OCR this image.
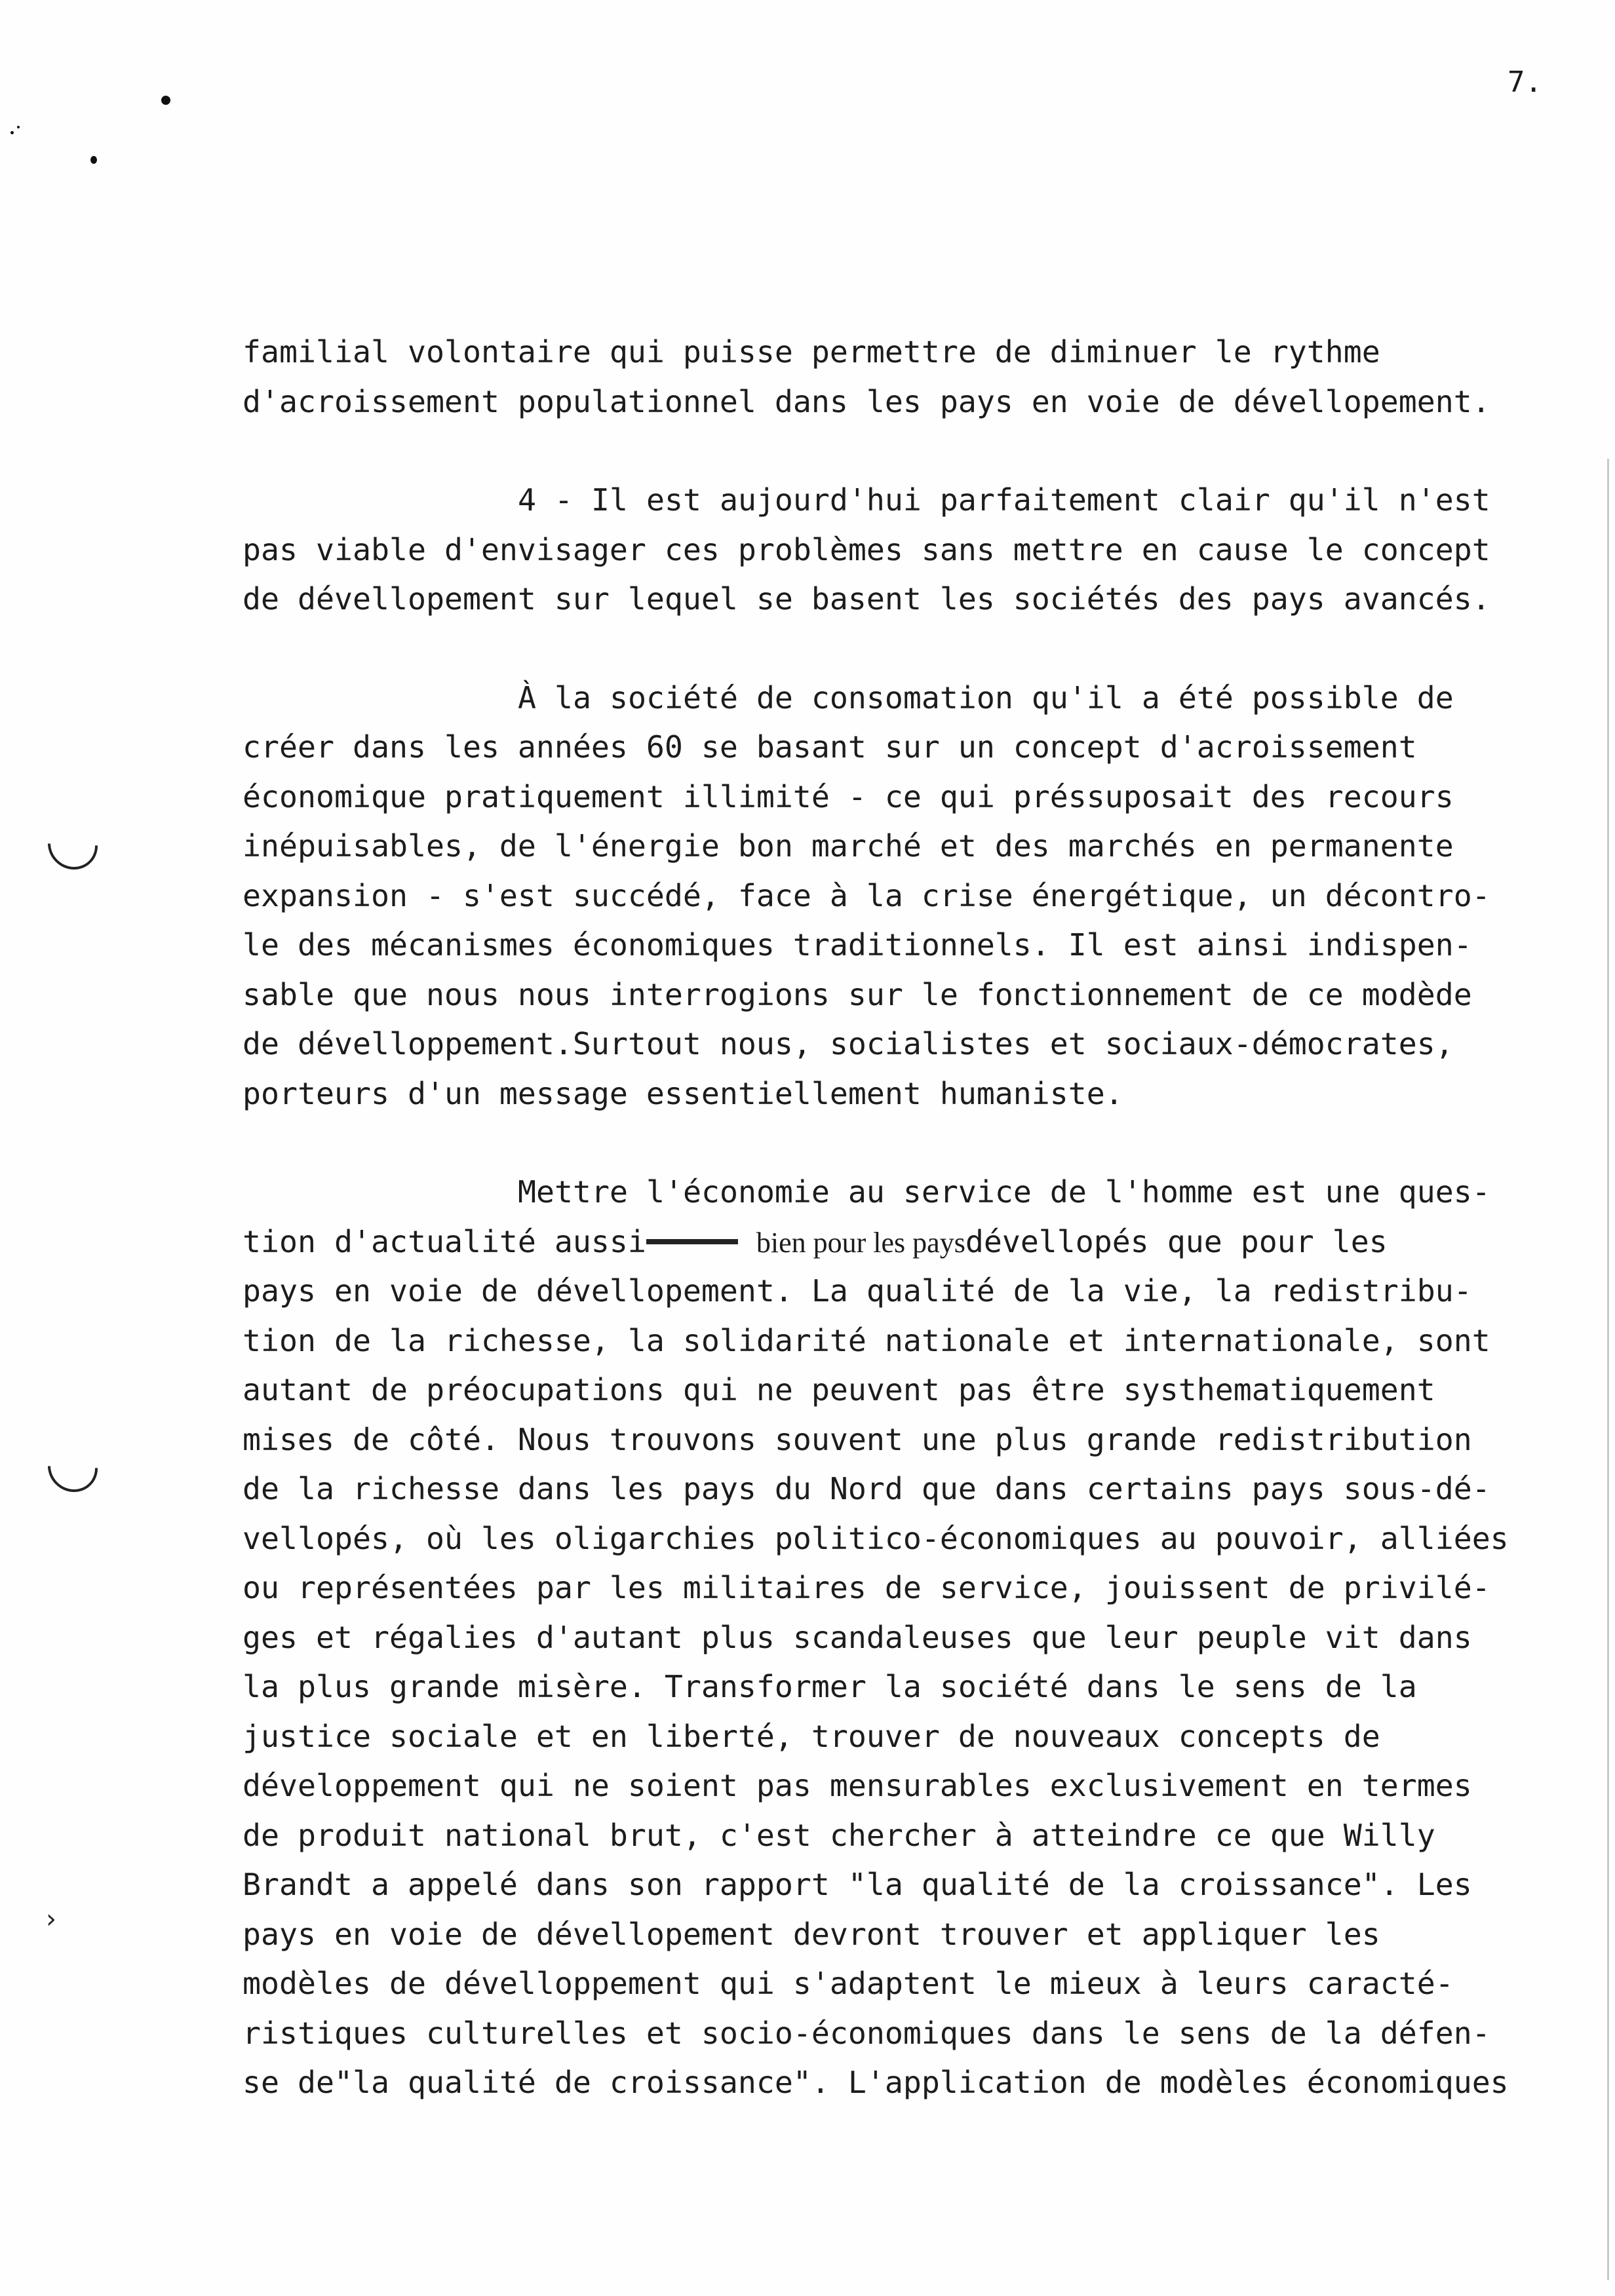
›
7.
familial volontaire qui puisse permettre de diminuer le rythme
d'acroissement populationnel dans les pays en voie de dévellopement.
4 - Il est aujourd'hui parfaitement clair qu'il n'est
pas viable d'envisager ces problèmes sans mettre en cause le concept
de dévellopement sur lequel se basent les sociétés des pays avancés.
À la société de consomation qu'il a été possible de
créer dans les années 60 se basant sur un concept d'acroissement
économique pratiquement illimité - ce qui préssuposait des recours
inépuisables, de l'énergie bon marché et des marchés en permanente
expansion - s'est succédé, face à la crise énergétique, un décontro-
le des mécanismes économiques traditionnels. Il est ainsi indispen-
sable que nous nous interrogions sur le fonctionnement de ce modède
de dévelloppement.Surtout nous, socialistes et sociaux-démocrates,
porteurs d'un message essentiellement humaniste.
Mettre l'économie au service de l'homme est une ques-
tion d'actualité aussi	bien pour les paysdévellopés que pour les
pays en voie de dévellopement. La qualité de la vie, la redistribu-
tion de la richesse, la solidarité nationale et internationale, sont
autant de préocupations qui ne peuvent pas être systhematiquement
mises de côté. Nous trouvons souvent une plus grande redistribution
de la richesse dans les pays du Nord que dans certains pays sous-dé-
vellopés, où les oligarchies politico-économiques au pouvoir, alliées
ou représentées par les militaires de service, jouissent de privilé-
ges et régalies d'autant plus scandaleuses que leur peuple vit dans
la plus grande misère. Transformer la société dans le sens de la
justice sociale et en liberté, trouver de nouveaux concepts de
développement qui ne soient pas mensurables exclusivement en termes
de produit national brut, c'est chercher à atteindre ce que Willy
Brandt a appelé dans son rapport "la qualité de la croissance". Les
pays en voie de dévellopement devront trouver et appliquer les
modèles de dévelloppement qui s'adaptent le mieux à leurs caracté-
ristiques culturelles et socio-économiques dans le sens de la défen-
se de"la qualité de croissance". L'application de modèles économiques
